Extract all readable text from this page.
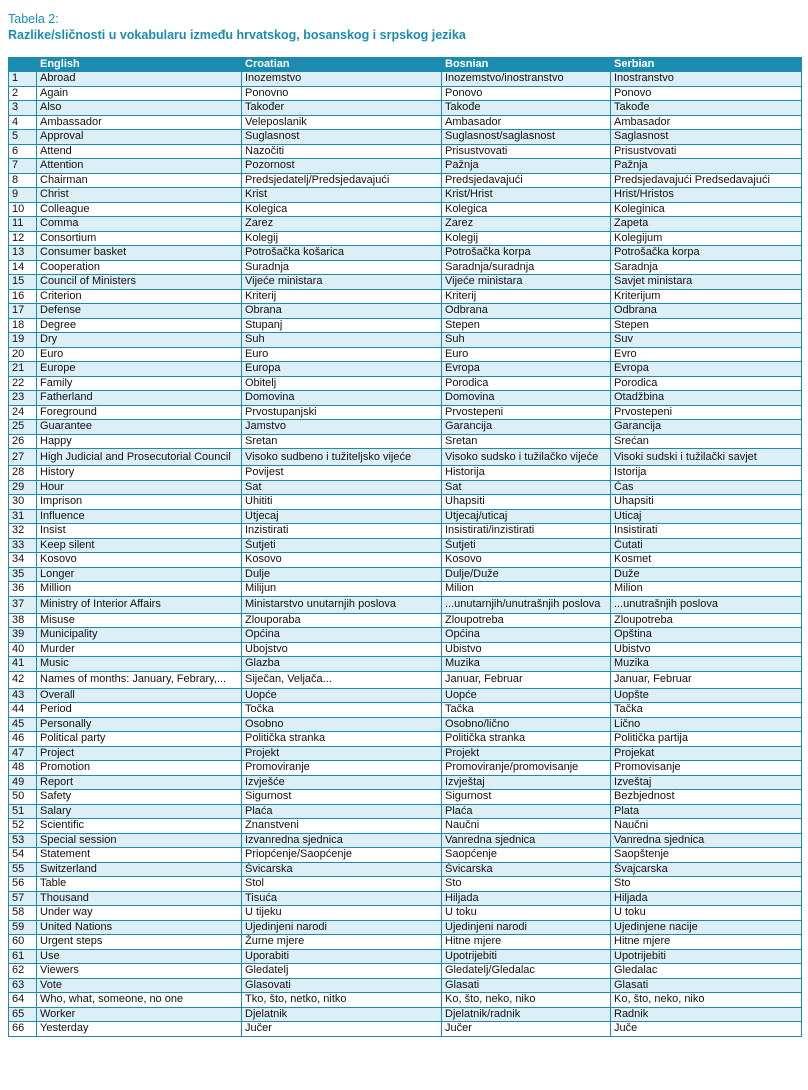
Tabela 2:
Razlike/sličnosti u vokabularu između hrvatskog, bosanskog i srpskog jezika
	English	Croatian	Bosnian	Serbian
1	Abroad	Inozemstvo	Inozemstvo/inostranstvo	Inostranstvo
2	Again	Ponovno	Ponovo	Ponovo
3	Also	Također	Takođe	Takođe
4	Ambassador	Veleposlanik	Ambasador	Ambasador
5	Approval	Suglasnost	Suglasnost/saglasnost	Saglasnost
6	Attend	Nazočiti	Prisustvovati	Prisustvovati
7	Attention	Pozornost	Pažnja	Pažnja
8	Chairman	Predsjedatelj/Predsjedavajući	Predsjedavajući	Predsjedavajući Predsedavajući
9	Christ	Krist	Krist/Hrist	Hrist/Hristos
10	Colleague	Kolegica	Kolegica	Koleginica
11	Comma	Zarez	Zarez	Zapeta
12	Consortium	Kolegij	Kolegij	Kolegijum
13	Consumer basket	Potrošačka košarica	Potrošačka korpa	Potrošačka korpa
14	Cooperation	Suradnja	Saradnja/suradnja	Saradnja
15	Council of Ministers	Vijeće ministara	Vijeće ministara	Savjet ministara
16	Criterion	Kriterij	Kriterij	Kriterijum
17	Defense	Obrana	Odbrana	Odbrana
18	Degree	Stupanj	Stepen	Stepen
19	Dry	Suh	Suh	Suv
20	Euro	Euro	Euro	Evro
21	Europe	Europa	Evropa	Evropa
22	Family	Obitelj	Porodica	Porodica
23	Fatherland	Domovina	Domovina	Otadžbina
24	Foreground	Prvostupanjski	Prvostepeni	Prvostepeni
25	Guarantee	Jamstvo	Garancija	Garancija
26	Happy	Sretan	Sretan	Srećan
27	High Judicial and Prosecutorial Council	Visoko sudbeno i tužiteljsko vijeće	Visoko sudsko i tužilačko vijeće	Visoki sudski i tužilački savjet
28	History	Povijest	Historija	Istorija
29	Hour	Sat	Sat	Čas
30	Imprison	Uhititi	Uhapsiti	Uhapsiti
31	Influence	Utjecaj	Utjecaj/uticaj	Uticaj
32	Insist	Inzistirati	Insistirati/inzistirati	Insistirati
33	Keep silent	Šutjeti	Šutjeti	Ćutati
34	Kosovo	Kosovo	Kosovo	Kosmet
35	Longer	Dulje	Dulje/Duže	Duže
36	Million	Milijun	Milion	Milion
37	Ministry of Interior Affairs	Ministarstvo unutarnjih poslova	...unutarnjih/unutrašnjih poslova	...unutrašnjih poslova
38	Misuse	Zlouporaba	Zloupotreba	Zloupotreba
39	Municipality	Općina	Općina	Opština
40	Murder	Ubojstvo	Ubistvo	Ubistvo
41	Music	Glazba	Muzika	Muzika
42	Names of months: January, Febrary,...	Siječan, Veljača...	Januar, Februar	Januar, Februar
43	Overall	Uopće	Uopće	Uopšte
44	Period	Točka	Tačka	Tačka
45	Personally	Osobno	Osobno/lično	Lično
46	Political party	Politička stranka	Politička stranka	Politička partija
47	Project	Projekt	Projekt	Projekat
48	Promotion	Promoviranje	Promoviranje/promovisanje	Promovisanje
49	Report	Izvješće	Izvještaj	Izveštaj
50	Safety	Sigurnost	Sigurnost	Bezbjednost
51	Salary	Plaća	Plaća	Plata
52	Scientific	Znanstveni	Naučni	Naučni
53	Special session	Izvanredna sjednica	Vanredna sjednica	Vanredna sjednica
54	Statement	Priopćenje/Saopćenje	Saopćenje	Saopštenje
55	Switzerland	Švicarska	Švicarska	Švajcarska
56	Table	Stol	Sto	Sto
57	Thousand	Tisuća	Hiljada	Hiljada
58	Under way	U tijeku	U toku	U toku
59	United Nations	Ujedinjeni narodi	Ujedinjeni narodi	Ujedinjene nacije
60	Urgent steps	Žurne mjere	Hitne mjere	Hitne mjere
61	Use	Uporabiti	Upotrijebiti	Upotrijebiti
62	Viewers	Gledatelj	Gledatelj/Gledalac	Gledalac
63	Vote	Glasovati	Glasati	Glasati
64	Who, what, someone, no one	Tko, što, netko, nitko	Ko, što, neko, niko	Ko, što, neko, niko
65	Worker	Djelatnik	Djelatnik/radnik	Radnik
66	Yesterday	Jučer	Jučer	Juče
